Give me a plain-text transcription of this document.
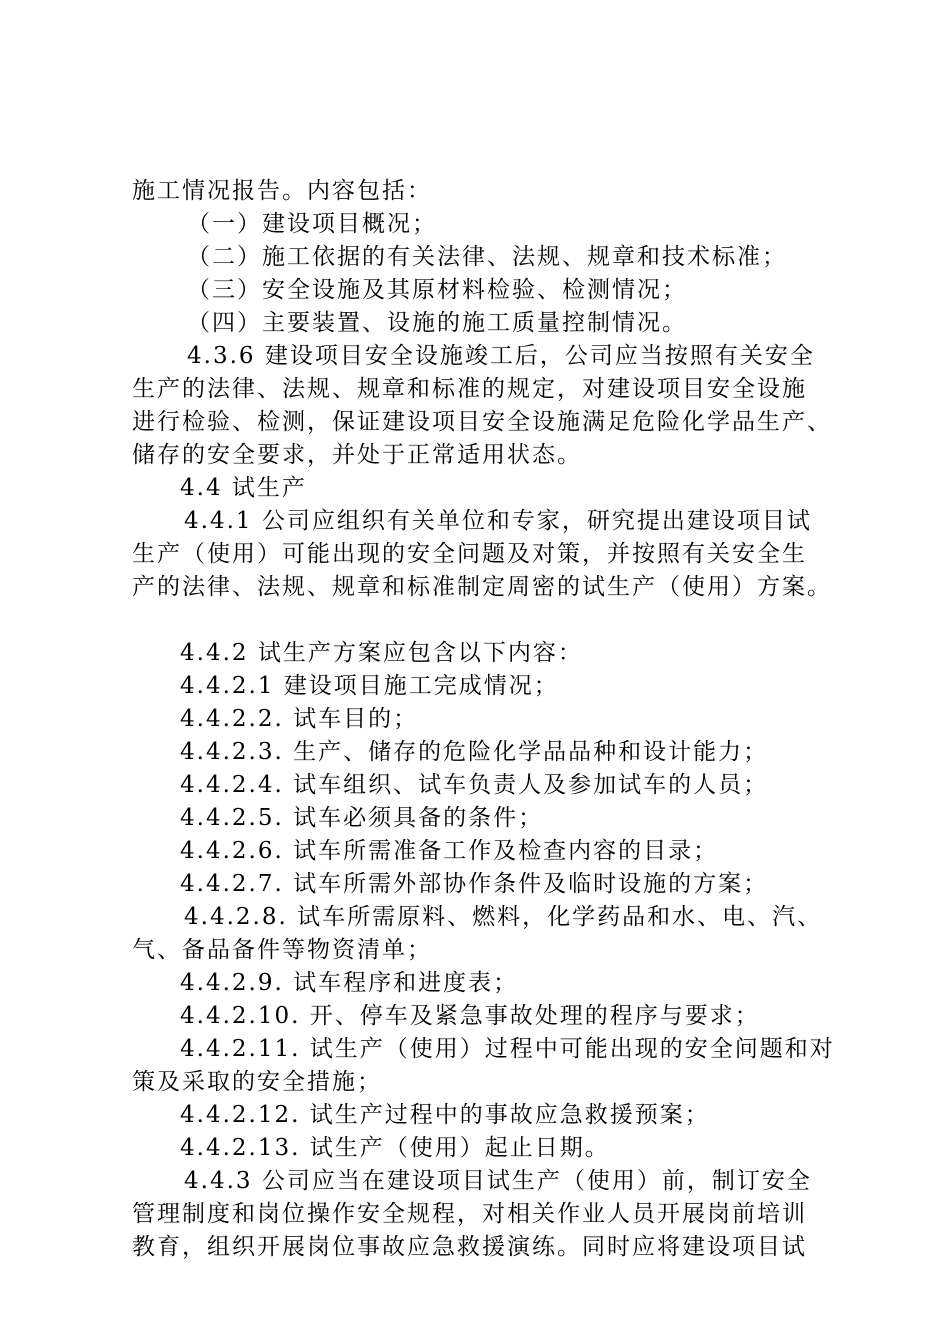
施工情况报告。内容包括：
（一）建设项目概况；
（二）施工依据的有关法律、法规、规章和技术标准；
（三）安全设施及其原材料检验、检测情况；
（四）主要装置、设施的施工质量控制情况。
4.3.6 建设项目安全设施竣工后，公司应当按照有关安全
生产的法律、法规、规章和标准的规定，对建设项目安全设施
进行检验、检测，保证建设项目安全设施满足危险化学品生产、
储存的安全要求，并处于正常适用状态。
4.4 试生产
4.4.1 公司应组织有关单位和专家，研究提出建设项目试
生产（使用）可能出现的安全问题及对策，并按照有关安全生
产的法律、法规、规章和标准制定周密的试生产（使用）方案。
4.4.2 试生产方案应包含以下内容：
4.4.2.1 建设项目施工完成情况；
4.4.2.2. 试车目的；
4.4.2.3. 生产、储存的危险化学品品种和设计能力；
4.4.2.4. 试车组织、试车负责人及参加试车的人员；
4.4.2.5. 试车必须具备的条件；
4.4.2.6. 试车所需准备工作及检查内容的目录；
4.4.2.7. 试车所需外部协作条件及临时设施的方案；
4.4.2.8. 试车所需原料、燃料，化学药品和水、电、汽、
气、备品备件等物资清单；
4.4.2.9. 试车程序和进度表；
4.4.2.10. 开、停车及紧急事故处理的程序与要求；
4.4.2.11. 试生产（使用）过程中可能出现的安全问题和对
策及采取的安全措施；
4.4.2.12. 试生产过程中的事故应急救援预案；
4.4.2.13. 试生产（使用）起止日期。
4.4.3 公司应当在建设项目试生产（使用）前，制订安全
管理制度和岗位操作安全规程，对相关作业人员开展岗前培训
教育，组织开展岗位事故应急救援演练。同时应将建设项目试
